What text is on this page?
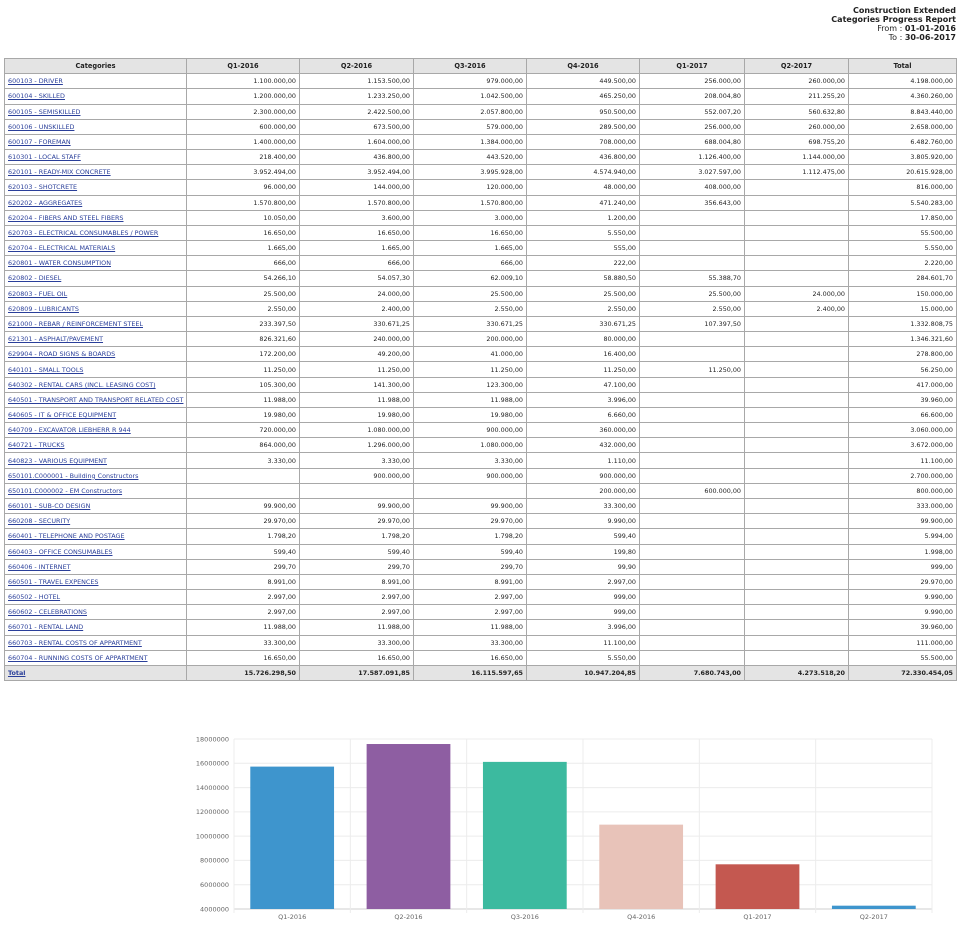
Construction Extended
Categories Progress Report
From : 01-01-2016
To : 30-06-2017
Categories	Q1-2016	Q2-2016	Q3-2016	Q4-2016	Q1-2017	Q2-2017	Total
600103 - DRIVER	1.100.000,00	1.153.500,00	979.000,00	449.500,00	256.000,00	260.000,00	4.198.000,00
600104 - SKILLED	1.200.000,00	1.233.250,00	1.042.500,00	465.250,00	208.004,80	211.255,20	4.360.260,00
600105 - SEMISKILLED	2.300.000,00	2.422.500,00	2.057.800,00	950.500,00	552.007,20	560.632,80	8.843.440,00
600106 - UNSKILLED	600.000,00	673.500,00	579.000,00	289.500,00	256.000,00	260.000,00	2.658.000,00
600107 - FOREMAN	1.400.000,00	1.604.000,00	1.384.000,00	708.000,00	688.004,80	698.755,20	6.482.760,00
610301 - LOCAL STAFF	218.400,00	436.800,00	443.520,00	436.800,00	1.126.400,00	1.144.000,00	3.805.920,00
620101 - READY-MIX CONCRETE	3.952.494,00	3.952.494,00	3.995.928,00	4.574.940,00	3.027.597,00	1.112.475,00	20.615.928,00
620103 - SHOTCRETE	96.000,00	144.000,00	120.000,00	48.000,00	408.000,00		816.000,00
620202 - AGGREGATES	1.570.800,00	1.570.800,00	1.570.800,00	471.240,00	356.643,00		5.540.283,00
620204 - FIBERS AND STEEL FIBERS	10.050,00	3.600,00	3.000,00	1.200,00			17.850,00
620703 - ELECTRICAL CONSUMABLES / POWER	16.650,00	16.650,00	16.650,00	5.550,00			55.500,00
620704 - ELECTRICAL MATERIALS	1.665,00	1.665,00	1.665,00	555,00			5.550,00
620801 - WATER CONSUMPTION	666,00	666,00	666,00	222,00			2.220,00
620802 - DIESEL	54.266,10	54.057,30	62.009,10	58.880,50	55.388,70		284.601,70
620803 - FUEL OIL	25.500,00	24.000,00	25.500,00	25.500,00	25.500,00	24.000,00	150.000,00
620809 - LUBRICANTS	2.550,00	2.400,00	2.550,00	2.550,00	2.550,00	2.400,00	15.000,00
621000 - REBAR / REINFORCEMENT STEEL	233.397,50	330.671,25	330.671,25	330.671,25	107.397,50		1.332.808,75
621301 - ASPHALT/PAVEMENT	826.321,60	240.000,00	200.000,00	80.000,00			1.346.321,60
629904 - ROAD SIGNS & BOARDS	172.200,00	49.200,00	41.000,00	16.400,00			278.800,00
640101 - SMALL TOOLS	11.250,00	11.250,00	11.250,00	11.250,00	11.250,00		56.250,00
640302 - RENTAL CARS (INCL. LEASING COST)	105.300,00	141.300,00	123.300,00	47.100,00			417.000,00
640501 - TRANSPORT AND TRANSPORT RELATED COST	11.988,00	11.988,00	11.988,00	3.996,00			39.960,00
640605 - IT & OFFICE EQUIPMENT	19.980,00	19.980,00	19.980,00	6.660,00			66.600,00
640709 - EXCAVATOR LIEBHERR R 944	720.000,00	1.080.000,00	900.000,00	360.000,00			3.060.000,00
640721 - TRUCKS	864.000,00	1.296.000,00	1.080.000,00	432.000,00			3.672.000,00
640823 - VARIOUS EQUIPMENT	3.330,00	3.330,00	3.330,00	1.110,00			11.100,00
650101.C000001 - Building Constructors		900.000,00	900.000,00	900.000,00			2.700.000,00
650101.C000002 - EM Constructors				200.000,00	600.000,00		800.000,00
660101 - SUB-CO DESIGN	99.900,00	99.900,00	99.900,00	33.300,00			333.000,00
660208 - SECURITY	29.970,00	29.970,00	29.970,00	9.990,00			99.900,00
660401 - TELEPHONE AND POSTAGE	1.798,20	1.798,20	1.798,20	599,40			5.994,00
660403 - OFFICE CONSUMABLES	599,40	599,40	599,40	199,80			1.998,00
660406 - INTERNET	299,70	299,70	299,70	99,90			999,00
660501 - TRAVEL EXPENCES	8.991,00	8.991,00	8.991,00	2.997,00			29.970,00
660502 - HOTEL	2.997,00	2.997,00	2.997,00	999,00			9.990,00
660602 - CELEBRATIONS	2.997,00	2.997,00	2.997,00	999,00			9.990,00
660701 - RENTAL LAND	11.988,00	11.988,00	11.988,00	3.996,00			39.960,00
660703 - RENTAL COSTS OF APPARTMENT	33.300,00	33.300,00	33.300,00	11.100,00			111.000,00
660704 - RUNNING COSTS OF APPARTMENT	16.650,00	16.650,00	16.650,00	5.550,00			55.500,00
Total	15.726.298,50	17.587.091,85	16.115.597,65	10.947.204,85	7.680.743,00	4.273.518,20	72.330.454,05
18000000
16000000
14000000
12000000
10000000
8000000
6000000
4000000
Q1-2016	Q2-2016	Q3-2016	Q4-2016	Q1-2017	Q2-2017
